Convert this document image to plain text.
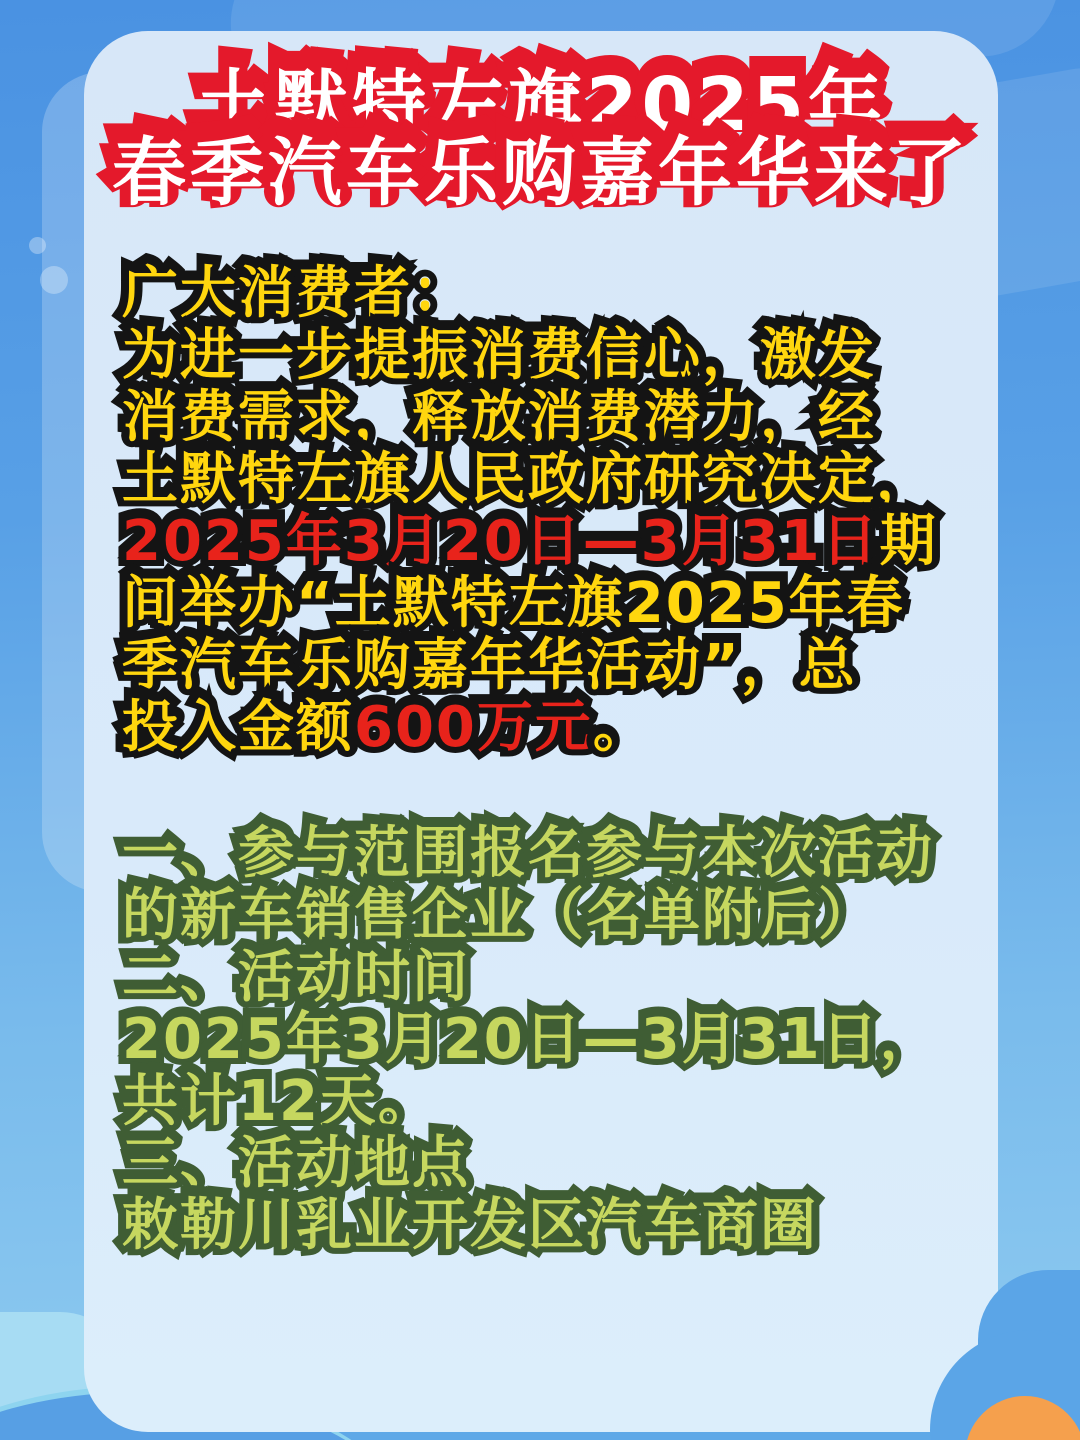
土默特左旗2025年 土默特左旗2025年
春季汽车乐购嘉年华来了 春季汽车乐购嘉年华来了
广大消费者： 广大消费者：
为进一步提振消费信心，激发 为进一步提振消费信心，激发
消费需求，释放消费潜力，经 消费需求，释放消费潜力，经
土默特左旗人民政府研究决定， 土默特左旗人民政府研究决定，
2025年3月20日—3月31日 2025年3月20日—3月31日期 期
间举办“土默特左旗2025年春 间举办“土默特左旗2025年春
季汽车乐购嘉年华活动”，总 季汽车乐购嘉年华活动”，总
投入金额 投入金额600万元 600万元。 。
一、参与范围报名参与本次活动 一、参与范围报名参与本次活动
的新车销售企业（名单附后） 的新车销售企业（名单附后）
二、活动时间 二、活动时间
2025年3月20日—3月31日， 2025年3月20日—3月31日，
共计12天。 共计12天。
三、活动地点 三、活动地点
敕勒川乳业开发区汽车商圈 敕勒川乳业开发区汽车商圈
